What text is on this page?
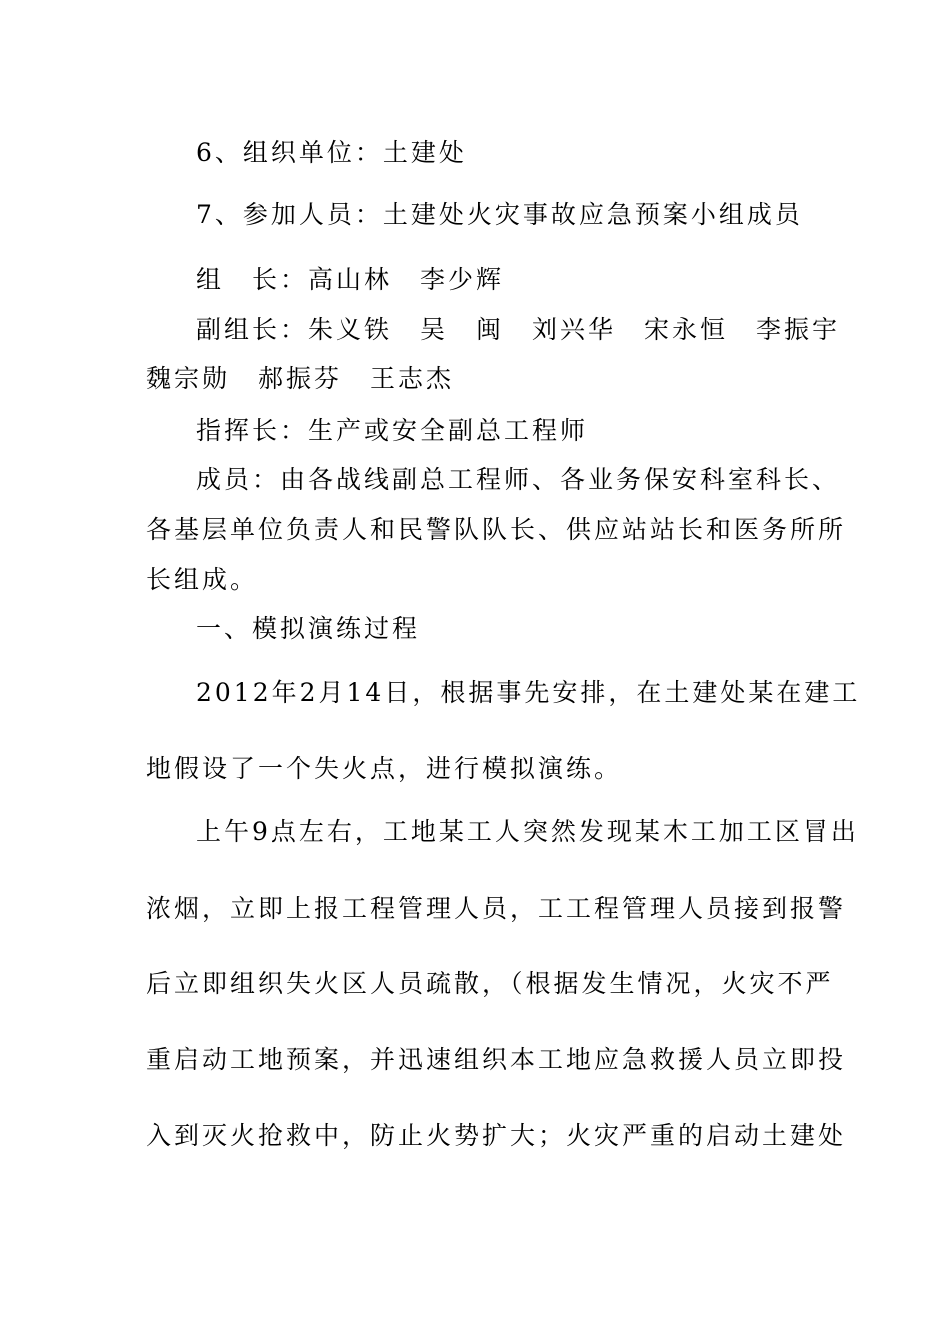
6、组织单位：土建处
7、参加人员：土建处火灾事故应急预案小组成员
组　长：高山林　李少辉
副组长：朱义铁　吴　闽　刘兴华　宋永恒　李振宇
魏宗勋　郝振芬　王志杰
指挥长：生产或安全副总工程师
成员：由各战线副总工程师、各业务保安科室科长、
各基层单位负责人和民警队队长、供应站站长和医务所所
长组成。
一、模拟演练过程
2012年2月14日，根据事先安排，在土建处某在建工
地假设了一个失火点，进行模拟演练。
上午9点左右，工地某工人突然发现某木工加工区冒出
浓烟，立即上报工程管理人员，工工程管理人员接到报警
后立即组织失火区人员疏散，（根据发生情况，火灾不严
重启动工地预案，并迅速组织本工地应急救援人员立即投
入到灭火抢救中，防止火势扩大；火灾严重的启动土建处
